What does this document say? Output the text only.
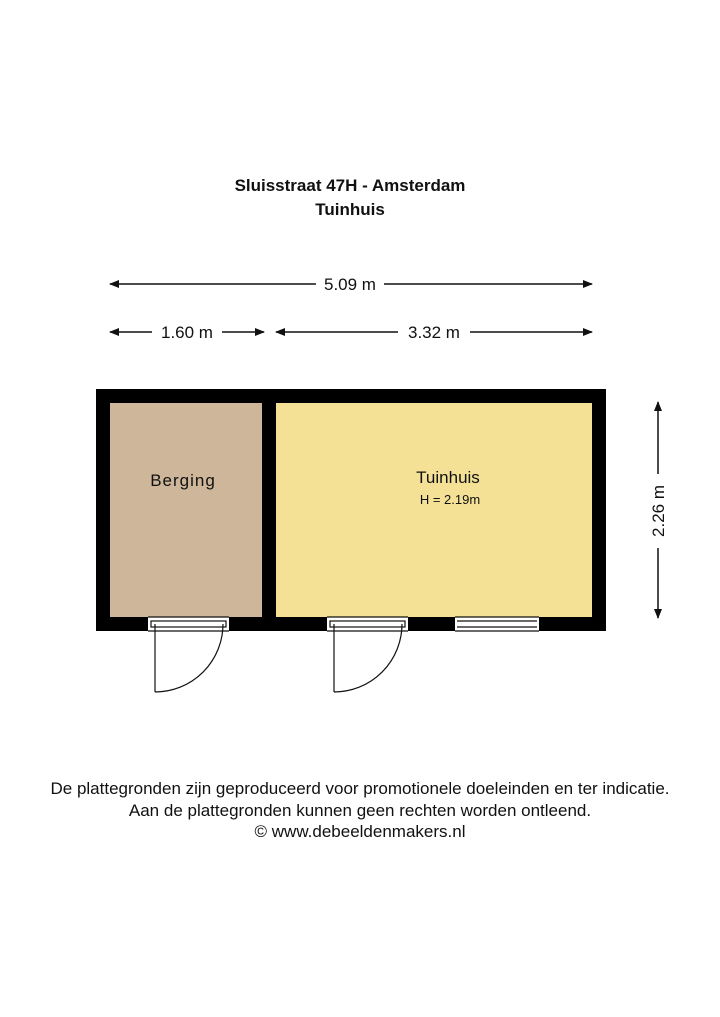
Sluisstraat 47H - Amsterdam
Tuinhuis
5.09 m
1.60 m	3.32 m
2.26 m
Berging	Tuinhuis
H = 2.19m
De plattegronden zijn geproduceerd voor promotionele doeleinden en ter indicatie.
Aan de plattegronden kunnen geen rechten worden ontleend.
© www.debeeldenmakers.nl
